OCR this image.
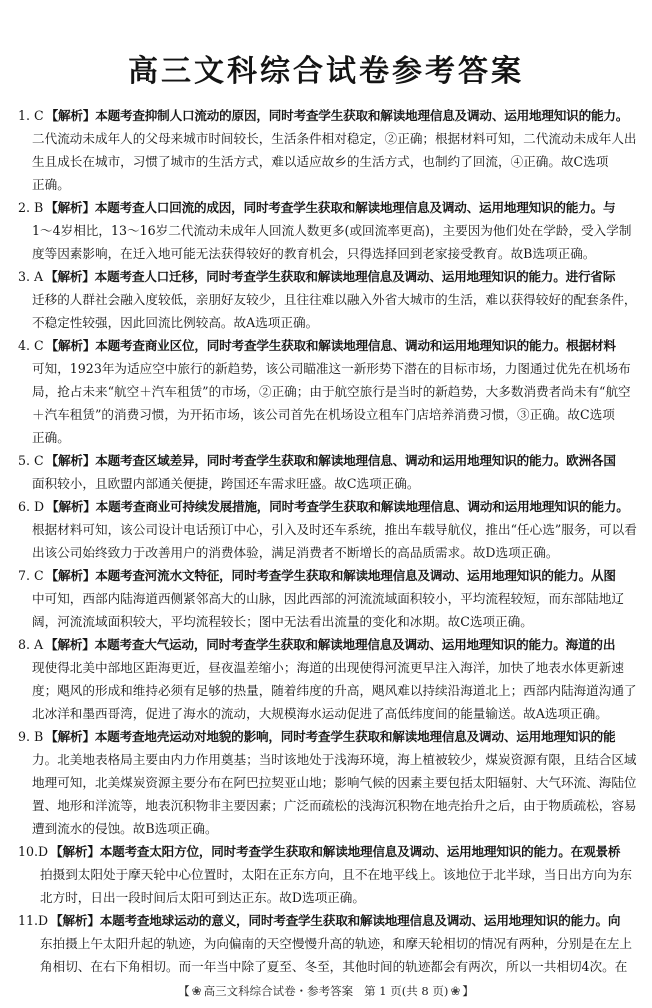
高三文科综合试卷参考答案
1. C 【解析】本题考查抑制人口流动的原因，同时考查学生获取和解读地理信息及调动、运用地理知识的能力。
二代流动未成年人的父母来城市时间较长，生活条件相对稳定，②正确；根据材料可知，二代流动未成年人出
生且成长在城市，习惯了城市的生活方式，难以适应故乡的生活方式，也制约了回流，④正确。故C选项
正确。
2. B 【解析】本题考查人口回流的成因，同时考查学生获取和解读地理信息及调动、运用地理知识的能力。与
1～4岁相比，13～16岁二代流动未成年人回流人数更多(或回流率更高)，主要因为他们处在学龄，受入学制
度等因素影响，在迁入地可能无法获得较好的教育机会，只得选择回到老家接受教育。故B选项正确。
3. A 【解析】本题考查人口迁移，同时考查学生获取和解读地理信息及调动、运用地理知识的能力。进行省际
迁移的人群社会融入度较低，亲朋好友较少，且往往难以融入外省大城市的生活，难以获得较好的配套条件，
不稳定性较强，因此回流比例较高。故A选项正确。
4. C 【解析】本题考查商业区位，同时考查学生获取和解读地理信息、调动和运用地理知识的能力。根据材料
可知，1923年为适应空中旅行的新趋势，该公司瞄准这一新形势下潜在的目标市场，力图通过优先在机场布
局，抢占未来“航空＋汽车租赁”的市场，②正确；由于航空旅行是当时的新趋势，大多数消费者尚未有“航空
＋汽车租赁”的消费习惯，为开拓市场，该公司首先在机场设立租车门店培养消费习惯，③正确。故C选项
正确。
5. C 【解析】本题考查区域差异，同时考查学生获取和解读地理信息、调动和运用地理知识的能力。欧洲各国
面积较小，且欧盟内部通关便捷，跨国还车需求旺盛。故C选项正确。
6. D 【解析】本题考查商业可持续发展措施，同时考查学生获取和解读地理信息、调动和运用地理知识的能力。
根据材料可知，该公司设计电话预订中心，引入及时还车系统，推出车载导航仪，推出“任心选”服务，可以看
出该公司始终致力于改善用户的消费体验，满足消费者不断增长的高品质需求。故D选项正确。
7. C 【解析】本题考查河流水文特征，同时考查学生获取和解读地理信息及调动、运用地理知识的能力。从图
中可知，西部内陆海道西侧紧邻高大的山脉，因此西部的河流流域面积较小，平均流程较短，而东部陆地辽
阔，河流流域面积较大，平均流程较长；图中无法看出流量的变化和冰期。故C选项正确。
8. A 【解析】本题考查大气运动，同时考查学生获取和解读地理信息及调动、运用地理知识的能力。海道的出
现使得北美中部地区距海更近，昼夜温差缩小；海道的出现使得河流更早注入海洋，加快了地表水体更新速
度；飓风的形成和维持必须有足够的热量，随着纬度的升高，飓风难以持续沿海道北上；西部内陆海道沟通了
北冰洋和墨西哥湾，促进了海水的流动，大规模海水运动促进了高低纬度间的能量输送。故A选项正确。
9. B 【解析】本题考查地壳运动对地貌的影响，同时考查学生获取和解读地理信息及调动、运用地理知识的能
力。北美地表格局主要由内力作用奠基；当时该地处于浅海环境，海上植被较少，煤炭资源有限，且结合区域
地理可知，北美煤炭资源主要分布在阿巴拉契亚山地；影响气候的因素主要包括太阳辐射、大气环流、海陆位
置、地形和洋流等，地表沉积物非主要因素；广泛而疏松的浅海沉积物在地壳抬升之后，由于物质疏松，容易
遭到流水的侵蚀。故B选项正确。
10.D 【解析】本题考查太阳方位，同时考查学生获取和解读地理信息及调动、运用地理知识的能力。在观景桥
拍摄到太阳处于摩天轮中心位置时，太阳在正东方向，且不在地平线上。该地位于北半球，当日出方向为东
北方时，日出一段时间后太阳可到达正东。故D选项正确。
11.D 【解析】本题考查地球运动的意义，同时考查学生获取和解读地理信息及调动、运用地理知识的能力。向
东拍摄上午太阳升起的轨迹，为向偏南的天空慢慢升高的轨迹，和摩天轮相切的情况有两种，分别是在左上
角相切、在右下角相切。而一年当中除了夏至、冬至，其他时间的轨迹都会有两次，所以一共相切4次。在
【 ❀ 高三文科综合试卷・参考答案 第 1 页(共 8 页) ❀ 】
